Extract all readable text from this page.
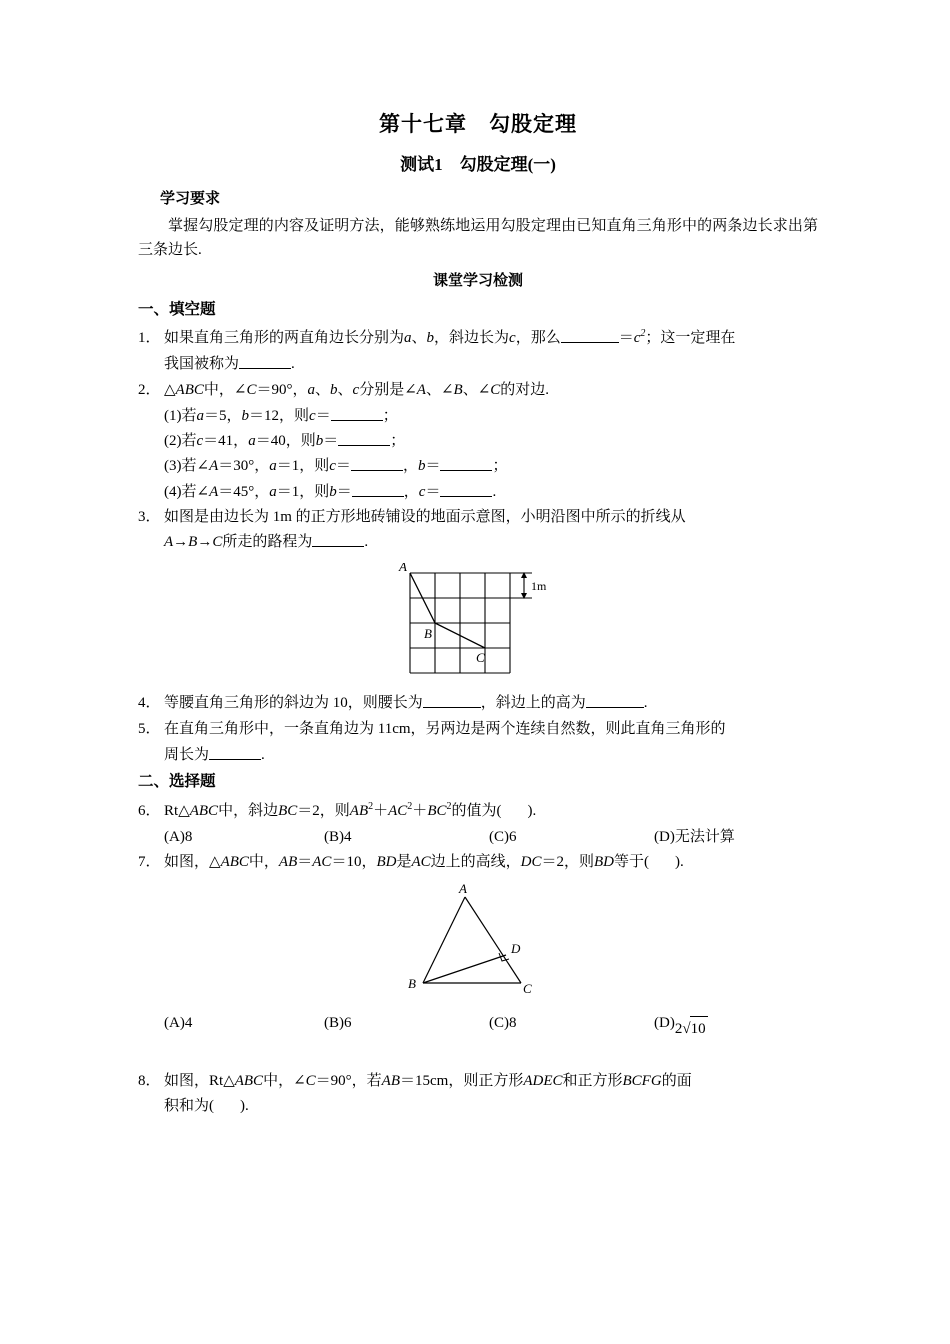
第十七章　勾股定理
测试1　勾股定理(一)
学习要求
掌握勾股定理的内容及证明方法，能够熟练地运用勾股定理由已知直角三角形中的两条边长求出第三条边长.
课堂学习检测
一、填空题
1． 如果直角三角形的两直角边长分别为a、b，斜边长为c，那么	$=c^2$；这一定理在
我国被称为	.
2． △ABC中，∠C＝90°，a、b、c分别是∠A、∠B、∠C的对边.
(1)若a＝5，b＝12，则c＝	；
(2)若c＝41，a＝40，则b＝	；
(3)若∠A＝30°，a＝1，则c＝	，b＝	；
(4)若∠A＝45°，a＝1，则b＝	，c＝	.
3． 如图是由边长为 1m 的正方形地砖铺设的地面示意图，小明沿图中所示的折线从
A→B→C所走的路程为	.
1m
A
B
C
4． 等腰直角三角形的斜边为 10，则腰长为	，斜边上的高为	.
5． 在直角三角形中，一条直角边为 11cm，另两边是两个连续自然数，则此直角三角形的
周长为	.
二、选择题
6． Rt△ABC中，斜边BC＝2，则$AB^2+AC^2+BC^2$的值为( ).
(A)8	(B)4	(C)6	(D)无法计算
7． 如图，△ABC中，AB＝AC＝10，BD是AC边上的高线，DC＝2，则BD等于( ).
A
B	C
D
(A)4	(B)6	(C)8	(D)2√10
8． 如图，Rt△ABC中，∠C＝90°，若AB＝15cm，则正方形ADEC和正方形BCFG的面
积和为( ).
